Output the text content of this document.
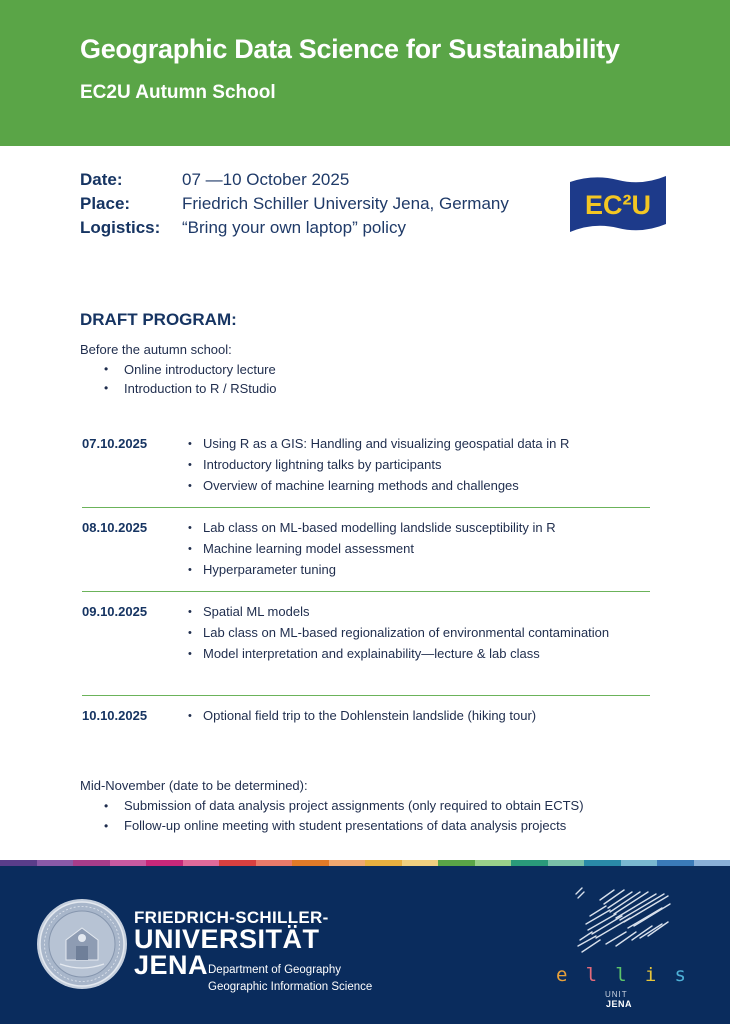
Geographic Data Science for Sustainability
EC2U Autumn School
Date:	07 —10 October 2025
Place:	Friedrich Schiller University Jena, Germany
Logistics:	“Bring your own laptop” policy
EC²U
DRAFT PROGRAM:
Before the autumn school:
• Online introductory lecture
• Introduction to R / RStudio
07.10.2025	• Using R as a GIS: Handling and visualizing geospatial data in R
• Introductory lightning talks by participants
• Overview of machine learning methods and challenges
08.10.2025	• Lab class on ML-based modelling landslide susceptibility in R
• Machine learning model assessment
• Hyperparameter tuning
09.10.2025	• Spatial ML models
• Lab class on ML-based regionalization of environmental contamination
• Model interpretation and explainability—lecture & lab class
10.10.2025	• Optional field trip to the Dohlenstein landslide (hiking tour)
Mid-November (date to be determined):
• Submission of data analysis project assignments (only required to obtain ECTS)
• Follow-up online meeting with student presentations of data analysis projects
FRIEDRICH-SCHILLER-
UNIVERSITÄT
JENA Department of Geography
Geographic Information Science
e l l i s
UNIT
JENA
